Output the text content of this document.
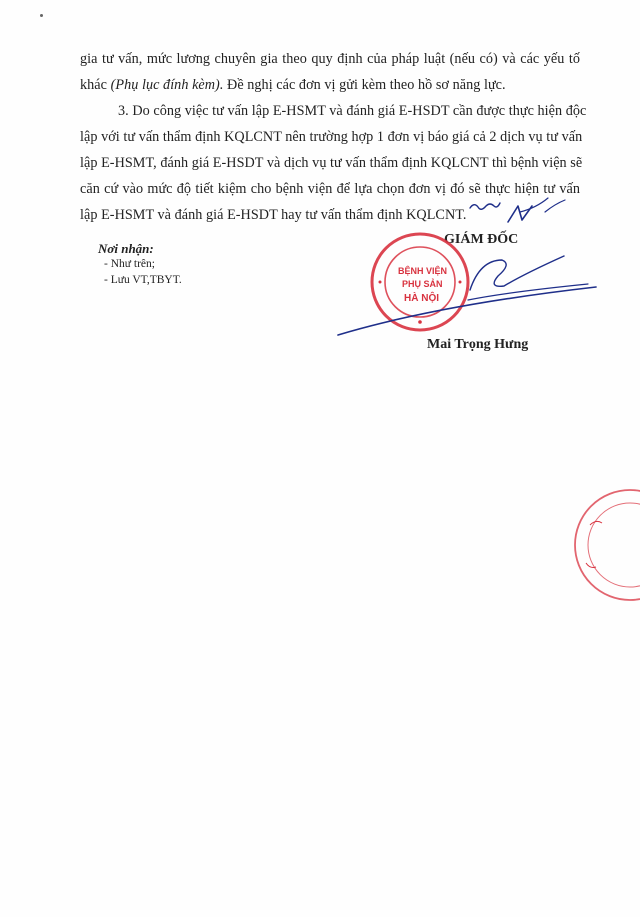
gia tư vấn, mức lương chuyên gia theo quy định của pháp luật (nếu có) và các yếu tố
khác (Phụ lục đính kèm). Đề nghị các đơn vị gửi kèm theo hồ sơ năng lực.
3. Do công việc tư vấn lập E-HSMT và đánh giá E-HSDT cần được thực hiện độc
lập với tư vấn thẩm định KQLCNT nên trường hợp 1 đơn vị báo giá cả 2 dịch vụ tư vấn
lập E-HSMT, đánh giá E-HSDT và dịch vụ tư vấn thẩm định KQLCNT thì bệnh viện sẽ
căn cứ vào mức độ tiết kiệm cho bệnh viện để lựa chọn đơn vị đó sẽ thực hiện tư vấn
lập E-HSMT và đánh giá E-HSDT hay tư vấn thẩm định KQLCNT.
Nơi nhận:
- Như trên;
- Lưu VT,TBYT.
GIÁM ĐỐC
Mai Trọng Hưng
BỆNH VIỆN
PHỤ SẢN
HÀ NỘI
